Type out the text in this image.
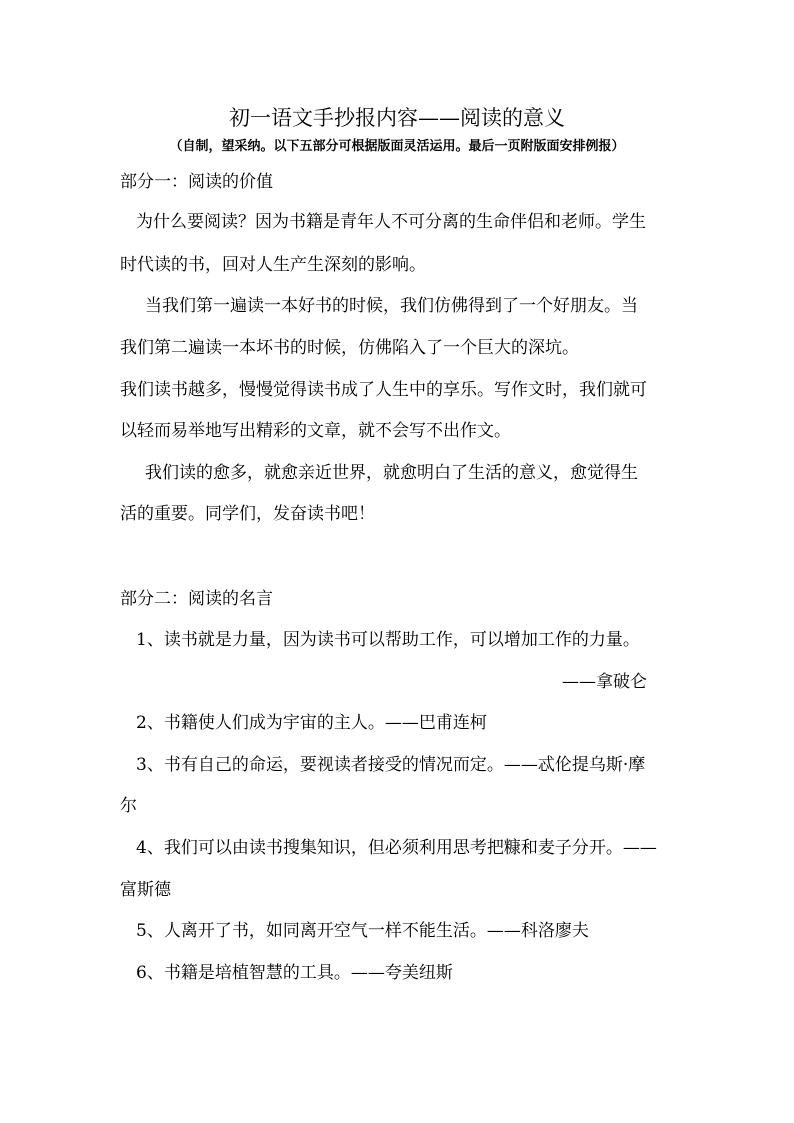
初一语文手抄报内容——阅读的意义
（自制，望采纳。以下五部分可根据版面灵活运用。最后一页附版面安排例报）
部分一：阅读的价值
为什么要阅读？因为书籍是青年人不可分离的生命伴侣和老师。学生
时代读的书，回对人生产生深刻的影响。
当我们第一遍读一本好书的时候，我们仿佛得到了一个好朋友。当
我们第二遍读一本坏书的时候，仿佛陷入了一个巨大的深坑。
我们读书越多，慢慢觉得读书成了人生中的享乐。写作文时，我们就可
以轻而易举地写出精彩的文章，就不会写不出作文。
我们读的愈多，就愈亲近世界，就愈明白了生活的意义，愈觉得生
活的重要。同学们，发奋读书吧！
部分二：阅读的名言
1、读书就是力量，因为读书可以帮助工作，可以增加工作的力量。
——拿破仑
2、书籍使人们成为宇宙的主人。——巴甫连柯
3、书有自己的命运，要视读者接受的情况而定。——忒伦提乌斯·摩
尔
4、我们可以由读书搜集知识，但必须利用思考把糠和麦子分开。——
富斯德
5、人离开了书，如同离开空气一样不能生活。——科洛廖夫
6、书籍是培植智慧的工具。——夸美纽斯
